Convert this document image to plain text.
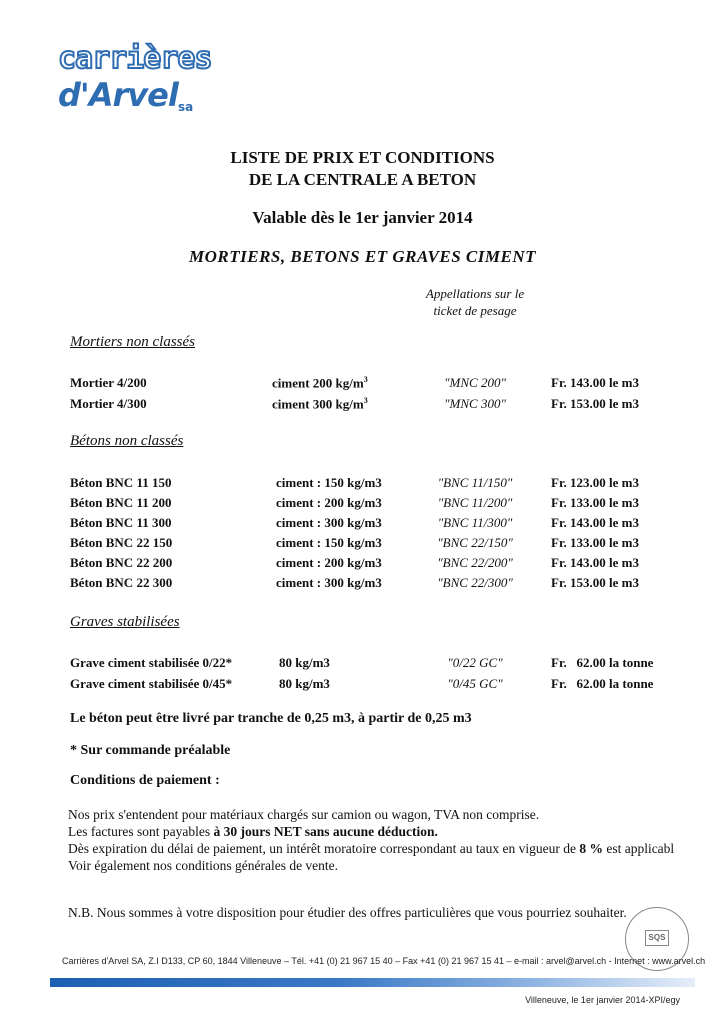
carrières
d'Arvel sa
LISTE DE PRIX ET CONDITIONS
DE LA CENTRALE A BETON
Valable dès le 1er janvier 2014
MORTIERS, BETONS ET GRAVES CIMENT
Appellations sur le
ticket de pesage
Mortiers non classés
Mortier 4/200	ciment 200 $kg/m^3$	"MNC 200"	Fr. 143.00 le m3
Mortier 4/300	ciment 300 $kg/m^3$	"MNC 300"	Fr. 153.00 le m3
Bétons non classés
Béton BNC 11 150	ciment : 150 kg/m3	"BNC 11/150"	Fr. 123.00 le m3
Béton BNC 11 200	ciment : 200 kg/m3	"BNC 11/200"	Fr. 133.00 le m3
Béton BNC 11 300	ciment : 300 kg/m3	"BNC 11/300"	Fr. 143.00 le m3
Béton BNC 22 150	ciment : 150 kg/m3	"BNC 22/150"	Fr. 133.00 le m3
Béton BNC 22 200	ciment : 200 kg/m3	"BNC 22/200"	Fr. 143.00 le m3
Béton BNC 22 300	ciment : 300 kg/m3	"BNC 22/300"	Fr. 153.00 le m3
Graves stabilisées
Grave ciment stabilisée 0/22*	80 kg/m3	"0/22 GC"	Fr.   62.00 la tonne
Grave ciment stabilisée 0/45*	80 kg/m3	"0/45 GC"	Fr.   62.00 la tonne
Le béton peut être livré par tranche de 0,25 m3, à partir de 0,25 m3
* Sur commande préalable
Conditions de paiement :
Nos prix s'entendent pour matériaux chargés sur camion ou wagon, TVA non comprise.
Les factures sont payables à 30 jours NET sans aucune déduction.
Dès expiration du délai de paiement, un intérêt moratoire correspondant au taux en vigueur de 8 % est applicabl
Voir également nos conditions générales de vente.
N.B. Nous sommes à votre disposition pour étudier des offres particulières que vous pourriez souhaiter.
SQS
Carrières d'Arvel SA, Z.I D133, CP 60, 1844 Villeneuve – Tél. +41 (0) 21 967 15 40 – Fax +41 (0) 21 967 15 41 – e-mail : arvel@arvel.ch - Internet : www.arvel.ch
Villeneuve, le 1er janvier 2014-XPI/egy
